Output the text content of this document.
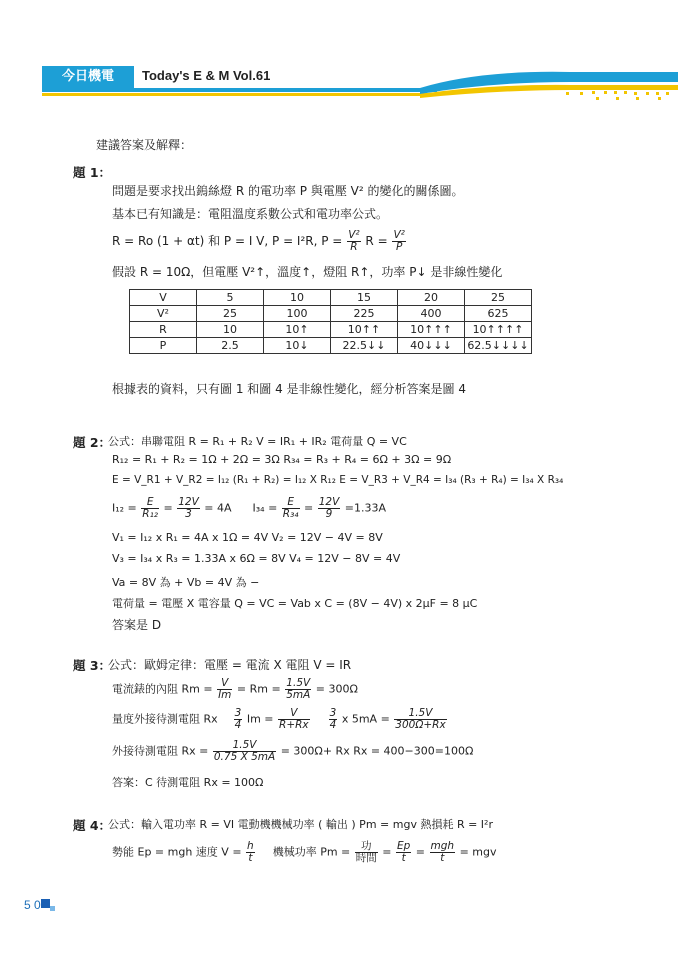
今日機電	Today's E & M Vol.61
建議答案及解釋：
題 1：
問題是要求找出鎢絲燈 R 的電功率 P 與電壓 V² 的變化的關係圖。
基本已有知識是：電阻溫度系數公式和電功率公式。
R = Ro (1 + αt) 和 P = I V, P = I²R, $P = \frac{\text{V²}}{R}$ $R = \frac{\text{V²}}{P}$
假設 R = 10Ω，但電壓 V²↑，溫度↑，燈阻 R↑，功率 P↓ 是非線性變化
V	5	10	15	20	25
V²	25	100	225	400	625
R	10	10↑	10↑↑	10↑↑↑	10↑↑↑↑
P	2.5	10↓	22.5↓↓	40↓↓↓	62.5↓↓↓↓
根據表的資料，只有圖 1 和圖 4 是非線性變化，經分析答案是圖 4
題 2：
公式：串聯電阻 R = R₁ + R₂ V = IR₁ + IR₂ 電荷量 Q = VC
R₁₂ = R₁ + R₂ = 1Ω + 2Ω = 3Ω R₃₄ = R₃ + R₄ = 6Ω + 3Ω = 9Ω
E = V_R1 + V_R2 = I₁₂ (R₁ + R₂) = I₁₂ X R₁₂ E = V_R3 + V_R4 = I₃₄ (R₃ + R₄) = I₃₄ X R₃₄
$I_{12} = \frac{E}{\text{R₁₂}} = \frac{12V}{3} = 4A$ $I_{34} = \frac{E}{\text{R₃₄}} = \frac{12V}{9} =1.33A$
V₁ = I₁₂ x R₁ = 4A x 1Ω = 4V V₂ = 12V − 4V = 8V
V₃ = I₃₄ x R₃ = 1.33A x 6Ω = 8V V₄ = 12V − 8V = 4V
Va = 8V 為 + Vb = 4V 為 −
電荷量 = 電壓 X 電容量 Q = VC = Vab x C = (8V − 4V) x 2μF = 8 μC
答案是 D
題 3：
公式：歐姆定律：電壓 = 電流 X 電阻 V = IR
電流錶的內阻 $Rm = \frac{V}{Im} = Rm = \frac{1.5V}{5mA} = 300\Omega$
量度外接待測電阻 Rx $\frac{3}{4}$ $Im = \frac{V}{R+Rx}$
$\frac{3}{4}$ x $5mA = \frac{1.5V}{300\Omega+Rx}$
外接待測電阻 $Rx = \frac{1.5V}{0.75 X 5mA} = 300\Omega+ Rx$ Rx = 400−300=100Ω
答案：C 待測電阻 Rx = 100Ω
題 4：
公式：輸入電功率 R = VI 電動機機械功率 ( 輸出 ) Pm = mgv 熱損耗 R = I²r
勢能 Ep = mgh 速度 $V = \frac{h}{t}$ 機械功率 $Pm = \frac{\text{功}}{\text{時間}} = \frac{Ep}{t} = \frac{\text{mgh}}{t}$ = mgv
5 0
